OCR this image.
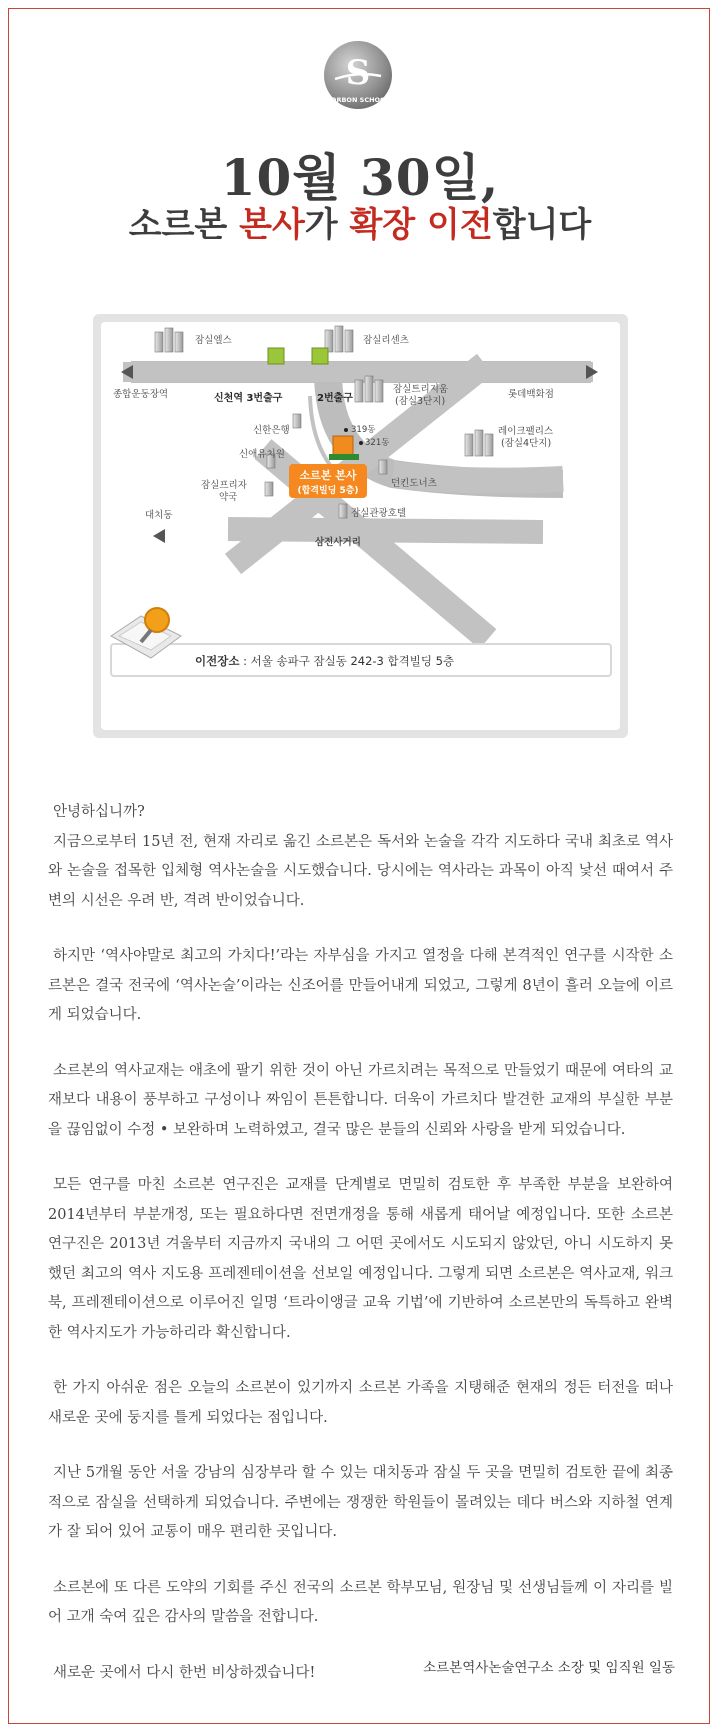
S
SORBON SCHOOL
10월 30일,
소르본 본사가 확장 이전합니다
잠실엘스	잠실리센츠
종합운동장역	롯데백화점
신천역 3번출구	2번출구
잠실트리지움
(잠실3단지)
319동
321동
신한은행
신애유치원
레이크팰리스
(잠실4단지)
잠실프리자
약국
던킨도너츠
대치동	잠실관광호텔
삼전사거리
소르본 본사
(합격빌딩 5층)
이전장소 : 서울 송파구 잠실동 242-3 합격빌딩 5층

안녕하십니까?

지금으로부터 15년 전, 현재 자리로 옮긴 소르본은 독서와 논술을 각각 지도하다 국내 최초로 역사와 논술을 접목한 입체형 역사논술을 시도했습니다. 당시에는 역사라는 과목이 아직 낯선 때여서 주변의 시선은 우려 반, 격려 반이었습니다.

하지만 ‘역사야말로 최고의 가치다!’라는 자부심을 가지고 열정을 다해 본격적인 연구를 시작한 소르본은 결국 전국에 ‘역사논술’이라는 신조어를 만들어내게 되었고, 그렇게 8년이 흘러 오늘에 이르게 되었습니다.

소르본의 역사교재는 애초에 팔기 위한 것이 아닌 가르치려는 목적으로 만들었기 때문에 여타의 교재보다 내용이 풍부하고 구성이나 짜임이 튼튼합니다. 더욱이 가르치다 발견한 교재의 부실한 부분을 끊임없이 수정 • 보완하며 노력하였고, 결국 많은 분들의 신뢰와 사랑을 받게 되었습니다.

모든 연구를 마친 소르본 연구진은 교재를 단계별로 면밀히 검토한 후 부족한 부분을 보완하여 2014년부터 부분개정, 또는 필요하다면 전면개정을 통해 새롭게 태어날 예정입니다. 또한 소르본 연구진은 2013년 겨울부터 지금까지 국내의 그 어떤 곳에서도 시도되지 않았던, 아니 시도하지 못했던 최고의 역사 지도용 프레젠테이션을 선보일 예정입니다. 그렇게 되면 소르본은 역사교재, 워크북, 프레젠테이션으로 이루어진 일명 ‘트라이앵글 교육 기법’에 기반하여 소르본만의 독특하고 완벽한 역사지도가 가능하리라 확신합니다.

한 가지 아쉬운 점은 오늘의 소르본이 있기까지 소르본 가족을 지탱해준 현재의 정든 터전을 떠나 새로운 곳에 둥지를 틀게 되었다는 점입니다.

지난 5개월 동안 서울 강남의 심장부라 할 수 있는 대치동과 잠실 두 곳을 면밀히 검토한 끝에 최종적으로 잠실을 선택하게 되었습니다. 주변에는 쟁쟁한 학원들이 몰려있는 데다 버스와 지하철 연계가 잘 되어 있어 교통이 매우 편리한 곳입니다.

소르본에 또 다른 도약의 기회를 주신 전국의 소르본 학부모님, 원장님 및 선생님들께 이 자리를 빌어 고개 숙여 깊은 감사의 말씀을 전합니다.

새로운 곳에서 다시 한번 비상하겠습니다!	소르본역사논술연구소 소장 및 임직원 일동
